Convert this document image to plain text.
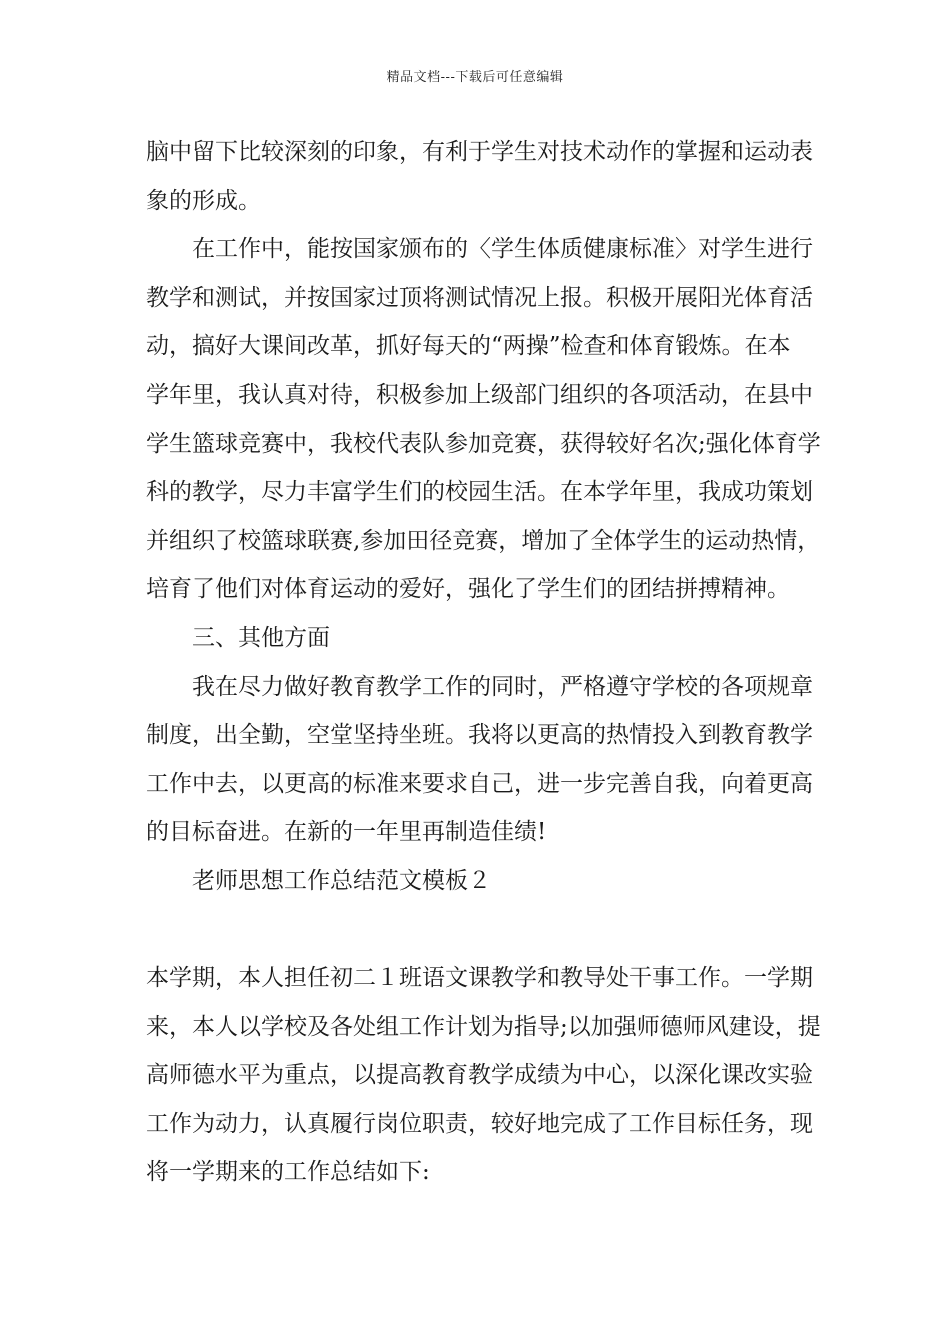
精品文档---下载后可任意编辑
脑中留下比较深刻的印象，有利于学生对技术动作的掌握和运动表
象的形成。
在工作中，能按国家颁布的〈学生体质健康标准〉对学生进行
教学和测试，并按国家过顶将测试情况上报。积极开展阳光体育活
动，搞好大课间改革，抓好每天的“两操”检查和体育锻炼。在本
学年里，我认真对待，积极参加上级部门组织的各项活动，在县中
学生篮球竞赛中，我校代表队参加竞赛，获得较好名次;强化体育学
科的教学，尽力丰富学生们的校园生活。在本学年里，我成功策划
并组织了校篮球联赛,参加田径竞赛，增加了全体学生的运动热情，
培育了他们对体育运动的爱好，强化了学生们的团结拼搏精神。
三、其他方面
我在尽力做好教育教学工作的同时，严格遵守学校的各项规章
制度，出全勤，空堂坚持坐班。我将以更高的热情投入到教育教学
工作中去，以更高的标准来要求自己，进一步完善自我，向着更高
的目标奋进。在新的一年里再制造佳绩!
老师思想工作总结范文模板２
本学期，本人担任初二１班语文课教学和教导处干事工作。一学期
来，本人以学校及各处组工作计划为指导;以加强师德师风建设，提
高师德水平为重点，以提高教育教学成绩为中心，以深化课改实验
工作为动力，认真履行岗位职责，较好地完成了工作目标任务，现
将一学期来的工作总结如下:
